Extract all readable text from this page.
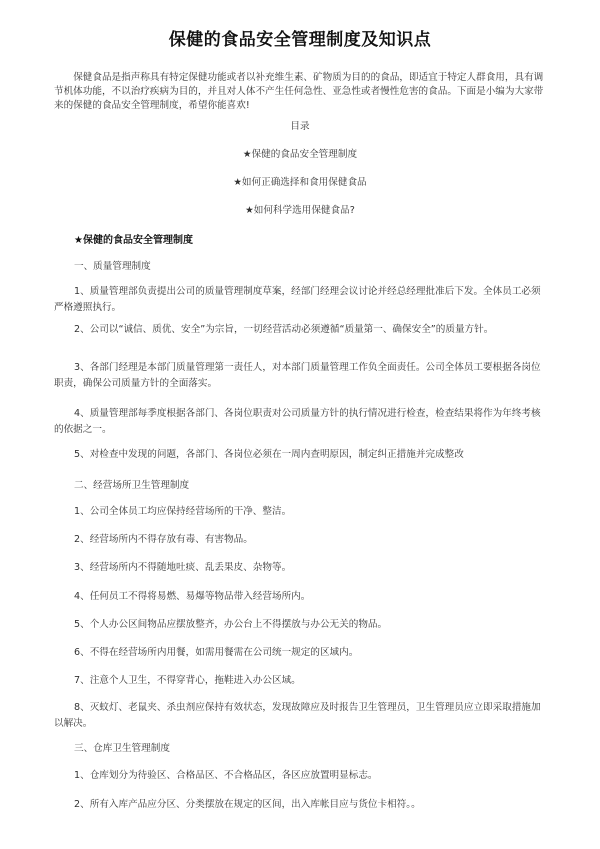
保健的食品安全管理制度及知识点
保健食品是指声称具有特定保健功能或者以补充维生素、矿物质为目的的食品，即适宜于特定人群食用，具有调节机体功能，不以治疗疾病为目的，并且对人体不产生任何急性、亚急性或者慢性危害的食品。下面是小编为大家带来的保健的食品安全管理制度，希望你能喜欢!
目录
★保健的食品安全管理制度
★如何正确选择和食用保健食品
★如何科学选用保健食品?
★保健的食品安全管理制度
一、质量管理制度
1、质量管理部负责提出公司的质量管理制度草案，经部门经理会议讨论并经总经理批准后下发。全体员工必须严格遵照执行。
2、公司以“诚信、质优、安全”为宗旨，一切经营活动必须遵循“质量第一、确保安全”的质量方针。
3、各部门经理是本部门质量管理第一责任人，对本部门质量管理工作负全面责任。公司全体员工要根据各岗位职责，确保公司质量方针的全面落实。
4、质量管理部每季度根据各部门、各岗位职责对公司质量方针的执行情况进行检查，检查结果将作为年终考核的依据之一。
5、对检查中发现的问题，各部门、各岗位必须在一周内查明原因，制定纠正措施并完成整改
二、经营场所卫生管理制度
1、公司全体员工均应保持经营场所的干净、整洁。
2、经营场所内不得存放有毒、有害物品。
3、经营场所内不得随地吐痰、乱丢果皮、杂物等。
4、任何员工不得将易燃、易爆等物品带入经营场所内。
5、个人办公区间物品应摆放整齐，办公台上不得摆放与办公无关的物品。
6、不得在经营场所内用餐，如需用餐需在公司统一规定的区域内。
7、注意个人卫生，不得穿背心，拖鞋进入办公区域。
8、灭蚊灯、老鼠夹、杀虫剂应保持有效状态，发现故障应及时报告卫生管理员，卫生管理员应立即采取措施加以解决。
三、仓库卫生管理制度
1、仓库划分为待验区、合格品区、不合格品区，各区应放置明显标志。
2、所有入库产品应分区、分类摆放在规定的区间，出入库帐目应与货位卡相符。。
